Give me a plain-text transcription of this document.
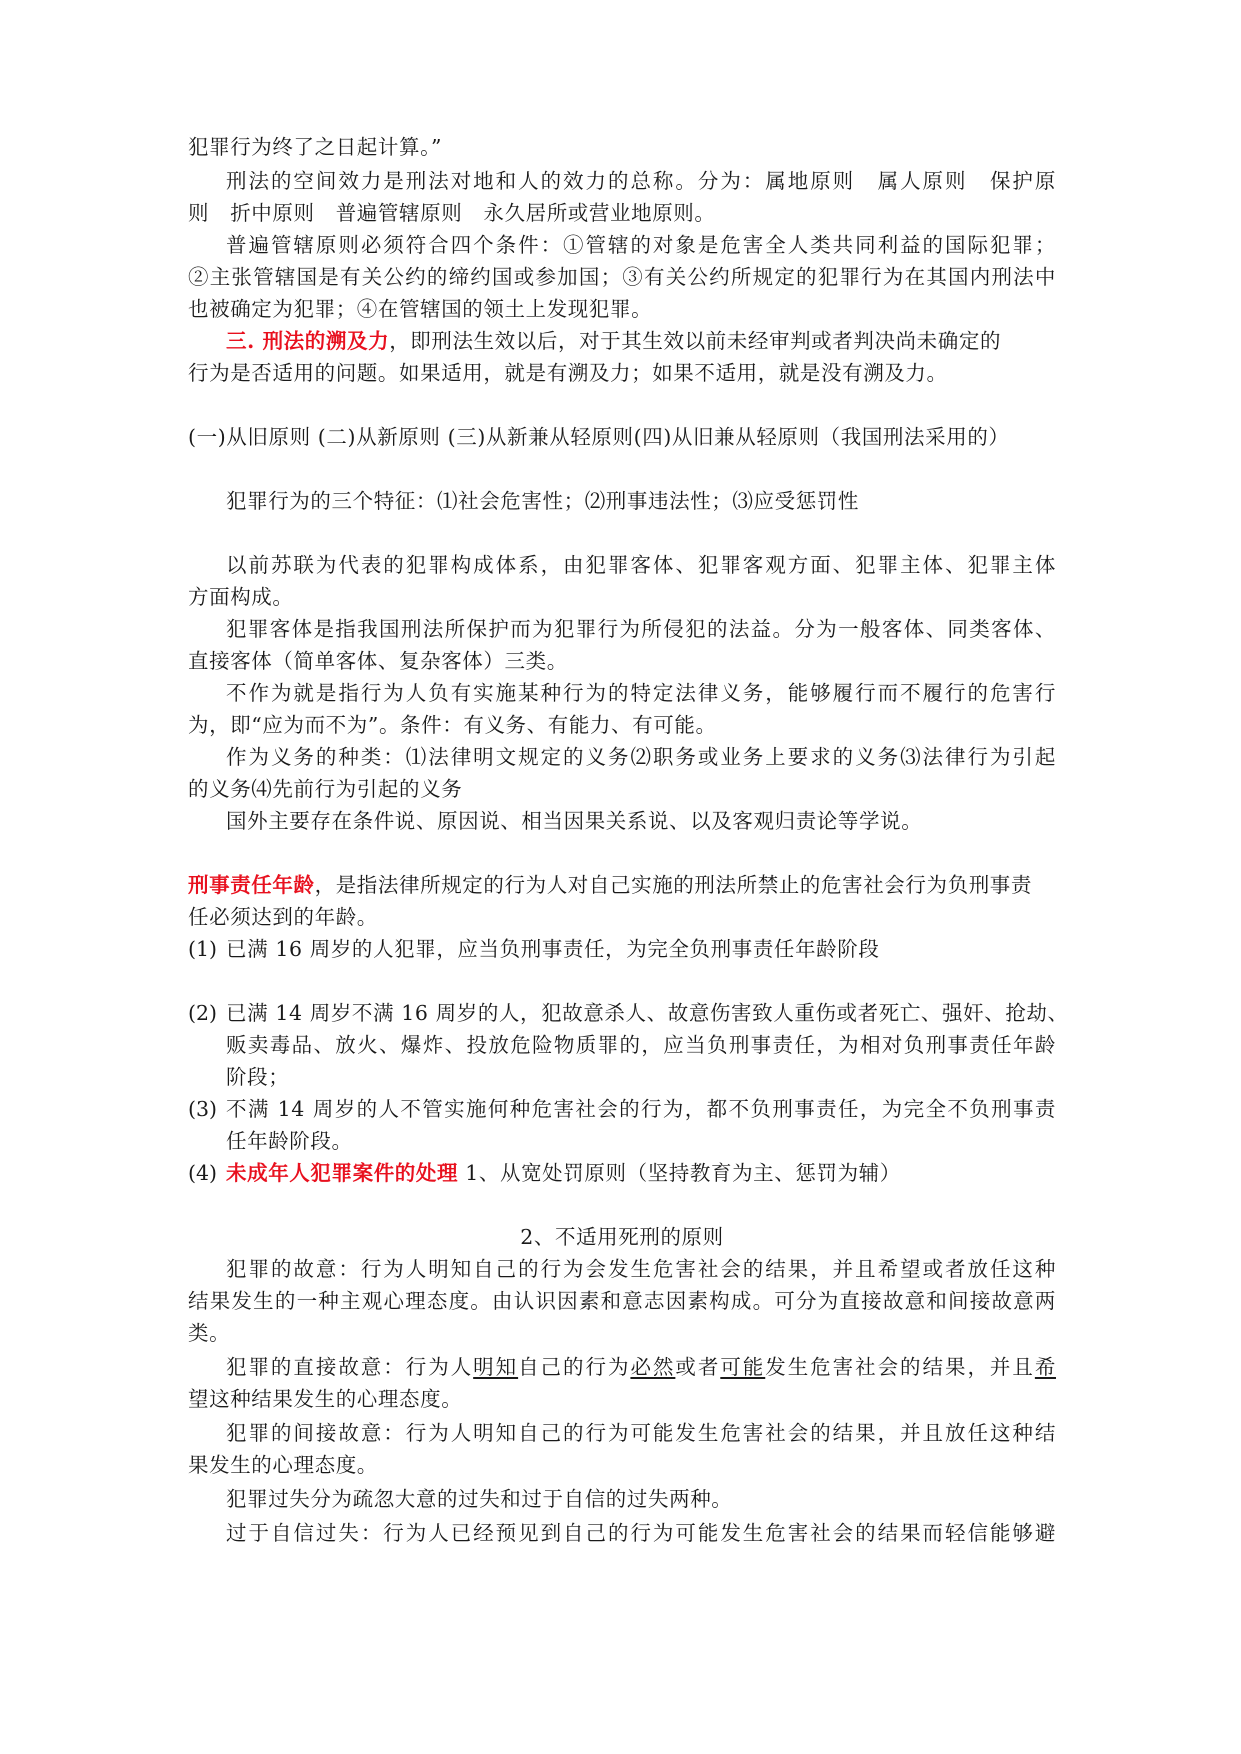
犯罪行为终了之日起计算。”
刑法的空间效力是刑法对地和人的效力的总称。分为：属地原则　属人原则　保护原
则　折中原则　普遍管辖原则　永久居所或营业地原则。
普遍管辖原则必须符合四个条件：①管辖的对象是危害全人类共同利益的国际犯罪；
②主张管辖国是有关公约的缔约国或参加国；③有关公约所规定的犯罪行为在其国内刑法中
也被确定为犯罪；④在管辖国的领土上发现犯罪。
三. 刑法的溯及力，即刑法生效以后，对于其生效以前未经审判或者判决尚未确定的
行为是否适用的问题。如果适用，就是有溯及力；如果不适用，就是没有溯及力。
(一)从旧原则 (二)从新原则 (三)从新兼从轻原则(四)从旧兼从轻原则（我国刑法采用的）
犯罪行为的三个特征：⑴社会危害性；⑵刑事违法性；⑶应受惩罚性
以前苏联为代表的犯罪构成体系，由犯罪客体、犯罪客观方面、犯罪主体、犯罪主体
方面构成。
犯罪客体是指我国刑法所保护而为犯罪行为所侵犯的法益。分为一般客体、同类客体、
直接客体（简单客体、复杂客体）三类。
不作为就是指行为人负有实施某种行为的特定法律义务，能够履行而不履行的危害行
为，即“应为而不为”。条件：有义务、有能力、有可能。
作为义务的种类：⑴法律明文规定的义务⑵职务或业务上要求的义务⑶法律行为引起
的义务⑷先前行为引起的义务
国外主要存在条件说、原因说、相当因果关系说、以及客观归责论等学说。
刑事责任年龄，是指法律所规定的行为人对自己实施的刑法所禁止的危害社会行为负刑事责
任必须达到的年龄。
(1) 已满 16 周岁的人犯罪，应当负刑事责任，为完全负刑事责任年龄阶段
(2) 已满 14 周岁不满 16 周岁的人，犯故意杀人、故意伤害致人重伤或者死亡、强奸、抢劫、
贩卖毒品、放火、爆炸、投放危险物质罪的，应当负刑事责任，为相对负刑事责任年龄
阶段；
(3) 不满 14 周岁的人不管实施何种危害社会的行为，都不负刑事责任，为完全不负刑事责
任年龄阶段。
(4) 未成年人犯罪案件的处理 1、从宽处罚原则（坚持教育为主、惩罚为辅）
2、不适用死刑的原则
犯罪的故意：行为人明知自己的行为会发生危害社会的结果，并且希望或者放任这种
结果发生的一种主观心理态度。由认识因素和意志因素构成。可分为直接故意和间接故意两
类。
犯罪的直接故意：行为人明知自己的行为必然或者可能发生危害社会的结果，并且希
望这种结果发生的心理态度。
犯罪的间接故意：行为人明知自己的行为可能发生危害社会的结果，并且放任这种结
果发生的心理态度。
犯罪过失分为疏忽大意的过失和过于自信的过失两种。
过于自信过失：行为人已经预见到自己的行为可能发生危害社会的结果而轻信能够避
